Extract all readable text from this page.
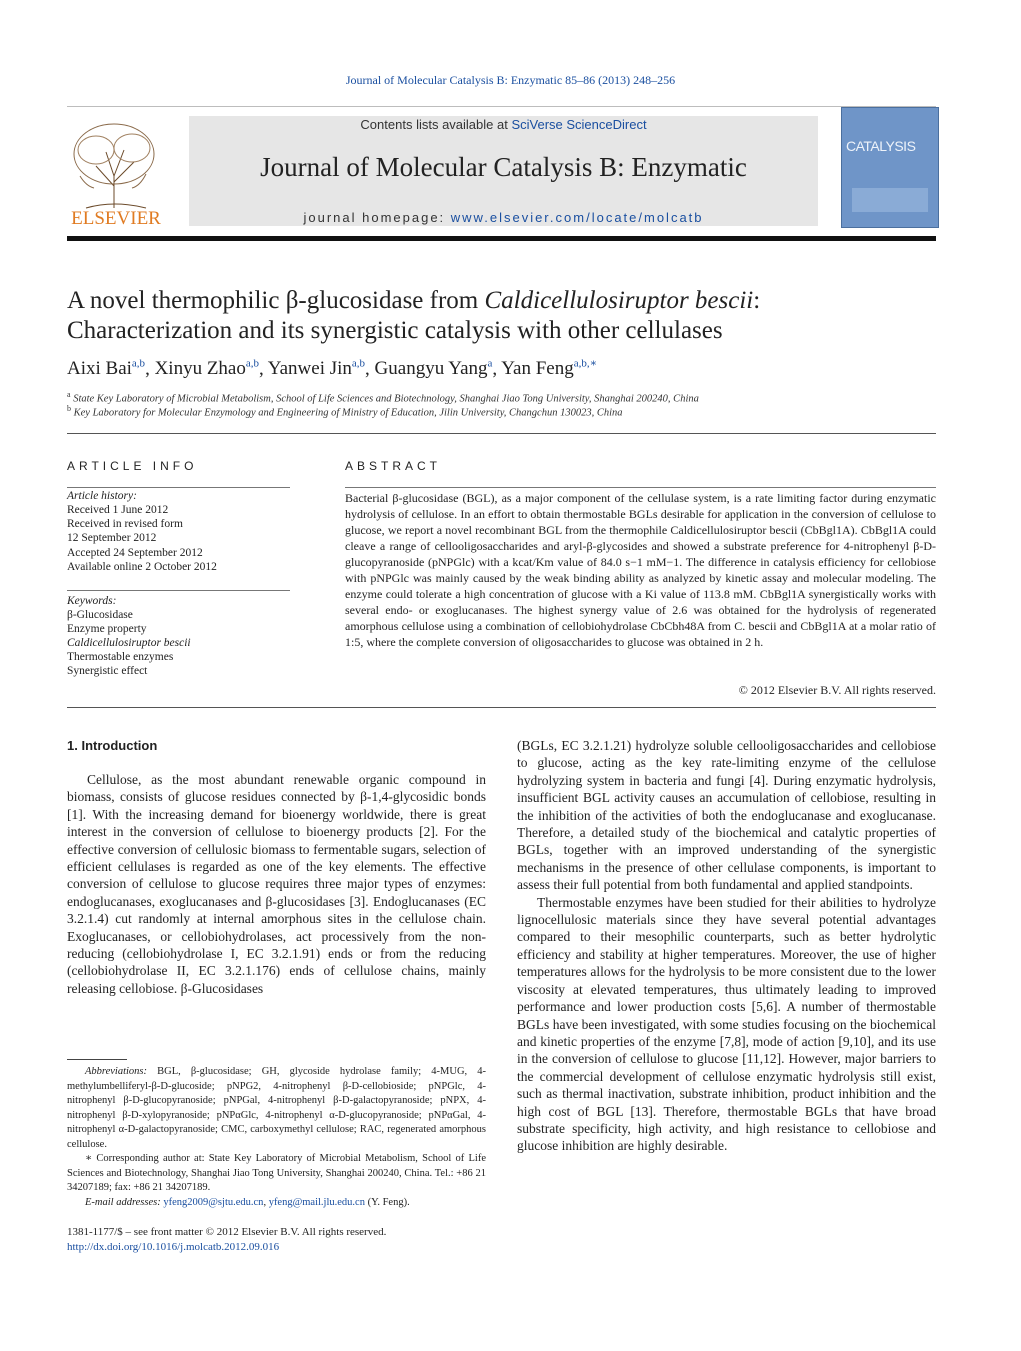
Journal of Molecular Catalysis B: Enzymatic 85–86 (2013) 248–256
ELSEVIER
Contents lists available at SciVerse ScienceDirect
Journal of Molecular Catalysis B: Enzymatic
journal homepage: www.elsevier.com/locate/molcatb
CATALYSIS
A novel thermophilic β-glucosidase from Caldicellulosiruptor bescii:
Characterization and its synergistic catalysis with other cellulases
Aixi Bai$^{a,b}$, Xinyu Zhao$^{a,b}$, Yanwei Jin$^{a,b}$, Guangyu Yang$^a$, Yan Feng$^{a,b,∗}$
$^a$ State Key Laboratory of Microbial Metabolism, School of Life Sciences and Biotechnology, Shanghai Jiao Tong University, Shanghai 200240, China
$^b$ Key Laboratory for Molecular Enzymology and Engineering of Ministry of Education, Jilin University, Changchun 130023, China
ARTICLE INFO
Article history:
Received 1 June 2012
Received in revised form
12 September 2012
Accepted 24 September 2012
Available online 2 October 2012
Keywords:
β-Glucosidase
Enzyme property
Caldicellulosiruptor bescii
Thermostable enzymes
Synergistic effect
ABSTRACT
Bacterial β-glucosidase (BGL), as a major component of the cellulase system, is a rate limiting factor during enzymatic hydrolysis of cellulose. In an effort to obtain thermostable BGLs desirable for application in the conversion of cellulose to glucose, we report a novel recombinant BGL from the thermophile Caldicellulosiruptor bescii (CbBgl1A). CbBgl1A could cleave a range of cellooligosaccharides and aryl-β-glycosides and showed a substrate preference for 4-nitrophenyl β-D-glucopyranoside (pNPGlc) with a kcat/Km value of 84.0 s−1 mM−1. The difference in catalysis efficiency for cellobiose with pNPGlc was mainly caused by the weak binding ability as analyzed by kinetic assay and molecular modeling. The enzyme could tolerate a high concentration of glucose with a Ki value of 113.8 mM. CbBgl1A synergistically works with several endo- or exoglucanases. The highest synergy value of 2.6 was obtained for the hydrolysis of regenerated amorphous cellulose using a combination of cellobiohydrolase CbCbh48A from C. bescii and CbBgl1A at a molar ratio of 1:5, where the complete conversion of oligosaccharides to glucose was obtained in 2 h.
© 2012 Elsevier B.V. All rights reserved.
1. Introduction

Cellulose, as the most abundant renewable organic compound in biomass, consists of glucose residues connected by β-1,4-glycosidic bonds [1]. With the increasing demand for bioenergy worldwide, there is great interest in the conversion of cellulose to bioenergy products [2]. For the effective conversion of cellulosic biomass to fermentable sugars, selection of efficient cellulases is regarded as one of the key elements. The effective conversion of cellulose to glucose requires three major types of enzymes: endoglucanases, exoglucanases and β-glucosidases [3]. Endoglucanases (EC 3.2.1.4) cut randomly at internal amorphous sites in the cellulose chain. Exoglucanases, or cellobiohydrolases, act processively from the non-reducing (cellobiohydrolase I, EC 3.2.1.91) ends or from the reducing (cellobiohydrolase II, EC 3.2.1.176) ends of cellulose chains, mainly releasing cellobiose. β-Glucosidases

(BGLs, EC 3.2.1.21) hydrolyze soluble cellooligosaccharides and cellobiose to glucose, acting as the key rate-limiting enzyme of the cellulose hydrolyzing system in bacteria and fungi [4]. During enzymatic hydrolysis, insufficient BGL activity causes an accumulation of cellobiose, resulting in the inhibition of the activities of both the endoglucanase and exoglucanase. Therefore, a detailed study of the biochemical and catalytic properties of BGLs, together with an improved understanding of the synergistic mechanisms in the presence of other cellulase components, is important to assess their full potential from both fundamental and applied standpoints.

Thermostable enzymes have been studied for their abilities to hydrolyze lignocellulosic materials since they have several potential advantages compared to their mesophilic counterparts, such as better hydrolytic efficiency and stability at higher temperatures. Moreover, the use of higher temperatures allows for the hydrolysis to be more consistent due to the lower viscosity at elevated temperatures, thus ultimately leading to improved performance and lower production costs [5,6]. A number of thermostable BGLs have been investigated, with some studies focusing on the biochemical and kinetic properties of the enzyme [7,8], mode of action [9,10], and its use in the conversion of cellulose to glucose [11,12]. However, major barriers to the commercial development of cellulose enzymatic hydrolysis still exist, such as thermal inactivation, substrate inhibition, product inhibition and the high cost of BGL [13]. Therefore, thermostable BGLs that have broad substrate specificity, high activity, and high resistance to cellobiose and glucose inhibition are highly desirable.

Abbreviations: BGL, β-glucosidase; GH, glycoside hydrolase family; 4-MUG, 4-methylumbelliferyl-β-D-glucoside; pNPG2, 4-nitrophenyl β-D-cellobioside; pNPGlc, 4-nitrophenyl β-D-glucopyranoside; pNPGal, 4-nitrophenyl β-D-galactopyranoside; pNPX, 4-nitrophenyl β-D-xylopyranoside; pNPαGlc, 4-nitrophenyl α-D-glucopyranoside; pNPαGal, 4-nitrophenyl α-D-galactopyranoside; CMC, carboxymethyl cellulose; RAC, regenerated amorphous cellulose.

∗ Corresponding author at: State Key Laboratory of Microbial Metabolism, School of Life Sciences and Biotechnology, Shanghai Jiao Tong University, Shanghai 200240, China. Tel.: +86 21 34207189; fax: +86 21 34207189.

E-mail addresses: yfeng2009@sjtu.edu.cn, yfeng@mail.jlu.edu.cn (Y. Feng).

1381-1177/$ – see front matter © 2012 Elsevier B.V. All rights reserved.
http://dx.doi.org/10.1016/j.molcatb.2012.09.016
